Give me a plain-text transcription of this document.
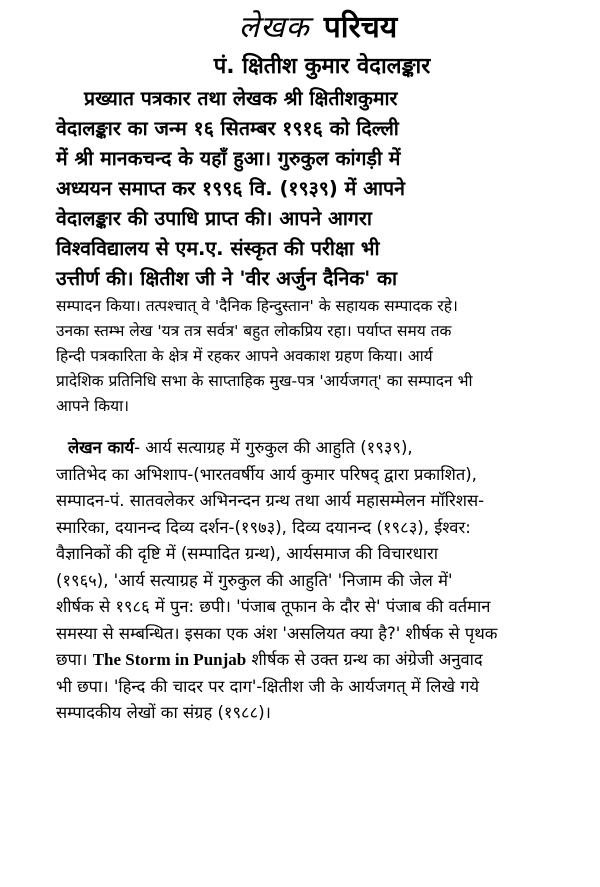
लेखक परिचय
पं. क्षितीश कुमार वेदालङ्कार
प्रख्यात पत्रकार तथा लेखक श्री क्षितीशकुमार
वेदालङ्कार का जन्म १६ सितम्बर १९१६ को दिल्ली
में श्री मानकचन्द के यहाँ हुआ। गुरुकुल कांगड़ी में
अध्ययन समाप्त कर १९९६ वि. (१९३९) में आपने
वेदालङ्कार की उपाधि प्राप्त की। आपने आगरा
विश्वविद्यालय से एम.ए. संस्कृत की परीक्षा भी
उत्तीर्ण की। क्षितीश जी ने 'वीर अर्जुन दैनिक' का
सम्पादन किया। तत्पश्चात् वे 'दैनिक हिन्दुस्तान' के सहायक सम्पादक रहे।
उनका स्तम्भ लेख 'यत्र तत्र सर्वत्र' बहुत लोकप्रिय रहा। पर्याप्त समय तक
हिन्दी पत्रकारिता के क्षेत्र में रहकर आपने अवकाश ग्रहण किया। आर्य
प्रादेशिक प्रतिनिधि सभा के साप्ताहिक मुख-पत्र 'आर्यजगत्' का सम्पादन भी
आपने किया।
लेखन कार्य- आर्य सत्याग्रह में गुरुकुल की आहुति (१९३९),
जातिभेद का अभिशाप-(भारतवर्षीय आर्य कुमार परिषद् द्वारा प्रकाशित),
सम्पादन-पं. सातवलेकर अभिनन्दन ग्रन्थ तथा आर्य महासम्मेलन मॉरिशस-
स्मारिका, दयानन्द दिव्य दर्शन-(१९७३), दिव्य दयानन्द (१९८३), ईश्वर:
वैज्ञानिकों की दृष्टि में (सम्पादित ग्रन्थ), आर्यसमाज की विचारधारा
(१९६५), 'आर्य सत्याग्रह में गुरुकुल की आहुति' 'निजाम की जेल में'
शीर्षक से १९८६ में पुन: छपी। 'पंजाब तूफान के दौर से' पंजाब की वर्तमान
समस्या से सम्बन्धित। इसका एक अंश 'असलियत क्या है?' शीर्षक से पृथक
छपा। The Storm in Punjab शीर्षक से उक्त ग्रन्थ का अंग्रेजी अनुवाद
भी छपा। 'हिन्द की चादर पर दाग'-क्षितीश जी के आर्यजगत् में लिखे गये
सम्पादकीय लेखों का संग्रह (१९८८)।
